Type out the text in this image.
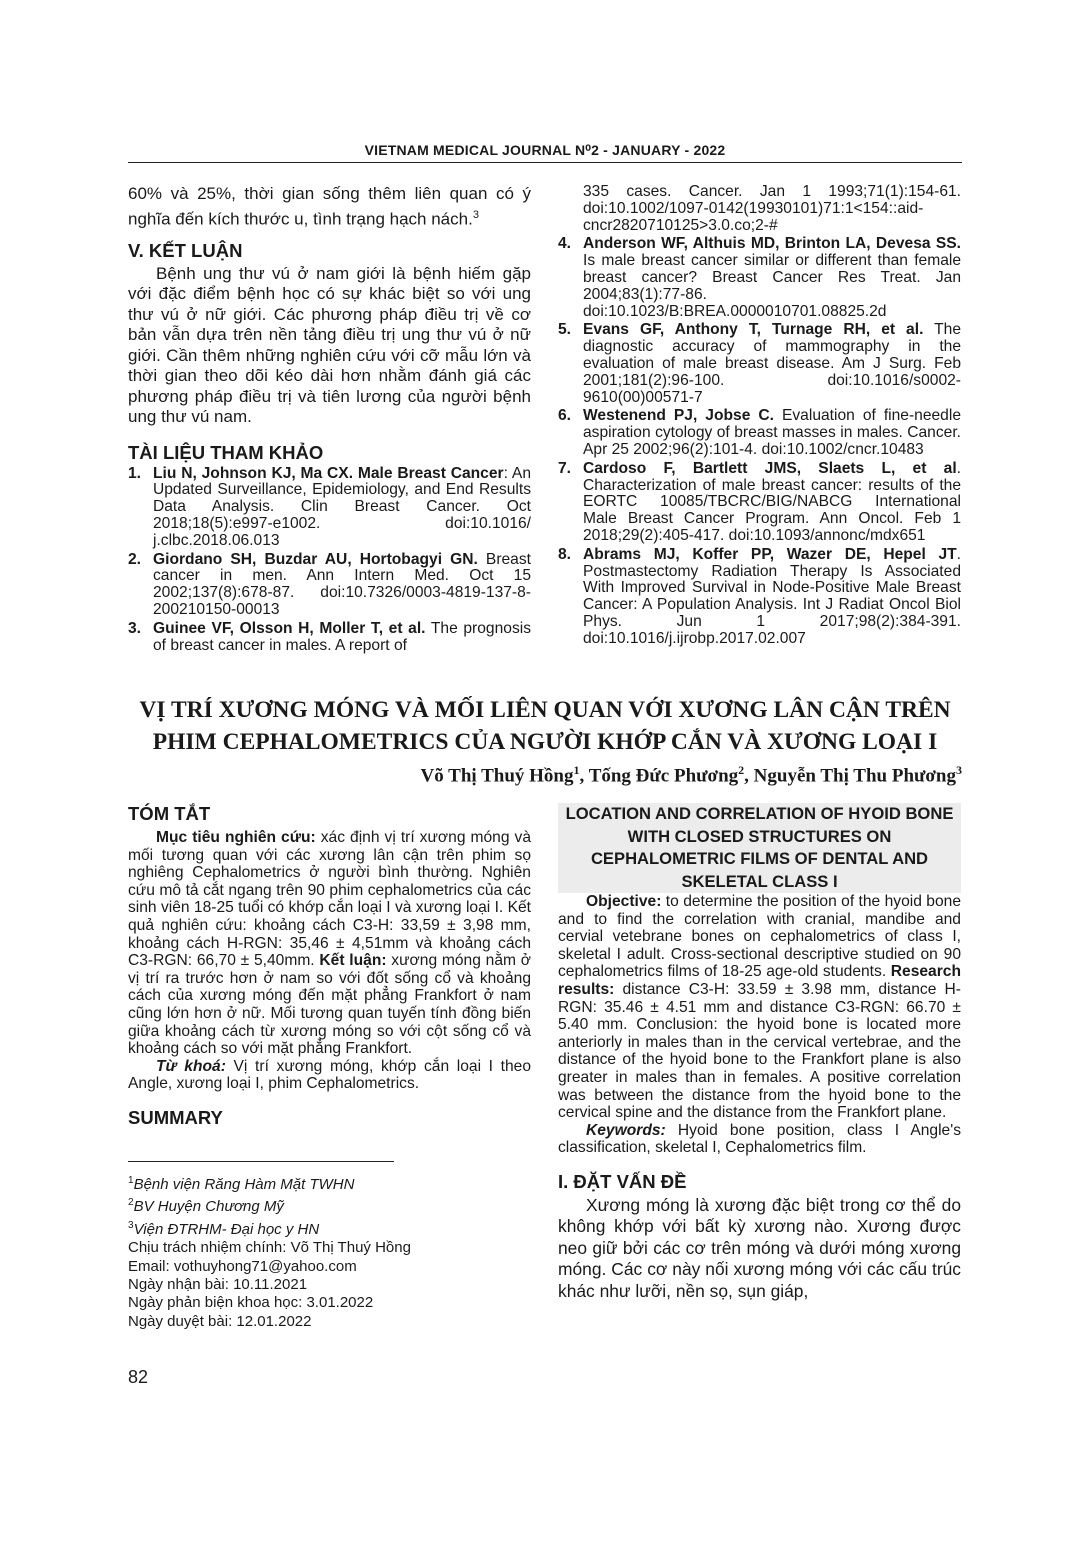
VIETNAM MEDICAL JOURNAL N⁰2 - JANUARY - 2022
60% và 25%, thời gian sống thêm liên quan có ý nghĩa đến kích thước u, tình trạng hạch nách.$^3$
V. KẾT LUẬN
Bệnh ung thư vú ở nam giới là bệnh hiếm gặp với đặc điểm bệnh học có sự khác biệt so với ung thư vú ở nữ giới. Các phương pháp điều trị về cơ bản vẫn dựa trên nền tảng điều trị ung thư vú ở nữ giới. Cần thêm những nghiên cứu với cỡ mẫu lớn và thời gian theo dõi kéo dài hơn nhằm đánh giá các phương pháp điều trị và tiên lương của người bệnh ung thư vú nam.
TÀI LIỆU THAM KHẢO
1. Liu N, Johnson KJ, Ma CX. Male Breast Cancer: An Updated Surveillance, Epidemiology, and End Results Data Analysis. Clin Breast Cancer. Oct 2018;18(5):e997-e1002. doi:10.1016/ j.clbc.2018.06.013
2. Giordano SH, Buzdar AU, Hortobagyi GN. Breast cancer in men. Ann Intern Med. Oct 15 2002;137(8):678-87. doi:10.7326/0003-4819-137-8-200210150-00013
3. Guinee VF, Olsson H, Moller T, et al. The prognosis of breast cancer in males. A report of
335 cases. Cancer. Jan 1 1993;71(1):154-61. doi:10.1002/1097-0142(19930101)71:1<154::aid-cncr2820710125>3.0.co;2-#
4. Anderson WF, Althuis MD, Brinton LA, Devesa SS. Is male breast cancer similar or different than female breast cancer? Breast Cancer Res Treat. Jan 2004;83(1):77-86. doi:10.1023/B:BREA.0000010701.08825.2d
5. Evans GF, Anthony T, Turnage RH, et al. The diagnostic accuracy of mammography in the evaluation of male breast disease. Am J Surg. Feb 2001;181(2):96-100. doi:10.1016/s0002-9610(00)00571-7
6. Westenend PJ, Jobse C. Evaluation of fine-needle aspiration cytology of breast masses in males. Cancer. Apr 25 2002;96(2):101-4. doi:10.1002/cncr.10483
7. Cardoso F, Bartlett JMS, Slaets L, et al. Characterization of male breast cancer: results of the EORTC 10085/TBCRC/BIG/NABCG International Male Breast Cancer Program. Ann Oncol. Feb 1 2018;29(2):405-417. doi:10.1093/annonc/mdx651
8. Abrams MJ, Koffer PP, Wazer DE, Hepel JT. Postmastectomy Radiation Therapy Is Associated With Improved Survival in Node-Positive Male Breast Cancer: A Population Analysis. Int J Radiat Oncol Biol Phys. Jun 1 2017;98(2):384-391. doi:10.1016/j.ijrobp.2017.02.007
VỊ TRÍ XƯƠNG MÓNG VÀ MỐI LIÊN QUAN VỚI XƯƠNG LÂN CẬN TRÊN
PHIM CEPHALOMETRICS CỦA NGƯỜI KHỚP CẮN VÀ XƯƠNG LOẠI I
Võ Thị Thuý Hồng$^1$, Tống Đức Phương$^2$, Nguyễn Thị Thu Phương$^3$
TÓM TẮT
Mục tiêu nghiên cứu: xác định vị trí xương móng và mối tương quan với các xương lân cận trên phim sọ nghiêng Cephalometrics ở người bình thường. Nghiên cứu mô tả cắt ngang trên 90 phim cephalometrics của các sinh viên 18-25 tuổi có khớp cắn loại I và xương loại I. Kết quả nghiên cứu: khoảng cách C3-H: 33,59 ± 3,98 mm, khoảng cách H-RGN: 35,46 ± 4,51mm và khoảng cách C3-RGN: 66,70 ± 5,40mm. Kết luận: xương móng nằm ở vị trí ra trước hơn ở nam so với đốt sống cổ và khoảng cách của xương móng đến mặt phẳng Frankfort ở nam cũng lớn hơn ở nữ. Mối tương quan tuyến tính đồng biến giữa khoảng cách từ xương móng so với cột sống cổ và khoảng cách so với mặt phẳng Frankfort.
Từ khoá: Vị trí xương móng, khớp cắn loại I theo Angle, xương loại I, phim Cephalometrics.
SUMMARY
$^1$Bệnh viện Răng Hàm Mặt TWHN
$^2$BV Huyện Chương Mỹ
$^3$Viện ĐTRHM- Đại học y HN
Chịu trách nhiệm chính: Võ Thị Thuý Hồng
Email: vothuyhong71@yahoo.com
Ngày nhận bài: 10.11.2021
Ngày phản biện khoa học: 3.01.2022
Ngày duyệt bài: 12.01.2022
LOCATION AND CORRELATION OF HYOID BONE WITH CLOSED STRUCTURES ON CEPHALOMETRIC FILMS OF DENTAL AND SKELETAL CLASS I
Objective: to determine the position of the hyoid bone and to find the correlation with cranial, mandibe and cervial vetebrane bones on cephalometrics of class I, skeletal I adult. Cross-sectional descriptive studied on 90 cephalometrics films of 18-25 age-old students. Research results: distance C3-H: 33.59 ± 3.98 mm, distance H-RGN: 35.46 ± 4.51 mm and distance C3-RGN: 66.70 ± 5.40 mm. Conclusion: the hyoid bone is located more anteriorly in males than in the cervical vertebrae, and the distance of the hyoid bone to the Frankfort plane is also greater in males than in females. A positive correlation was between the distance from the hyoid bone to the cervical spine and the distance from the Frankfort plane.
Keywords: Hyoid bone position, class I Angle's classification, skeletal I, Cephalometrics film.
I. ĐẶT VẤN ĐỀ
Xương móng là xương đặc biệt trong cơ thể do không khớp với bất kỳ xương nào. Xương được neo giữ bởi các cơ trên móng và dưới móng xương móng. Các cơ này nối xương móng với các cấu trúc khác như lưỡi, nền sọ, sụn giáp,
82
